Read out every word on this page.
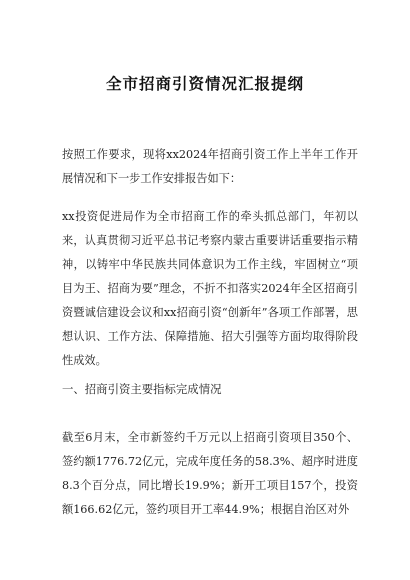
全市招商引资情况汇报提纲
按照工作要求，现将xx2024年招商引资工作上半年工作开展情况和下一步工作安排报告如下：
xx投资促进局作为全市招商工作的牵头抓总部门，年初以来，认真贯彻习近平总书记考察内蒙古重要讲话重要指示精神，以铸牢中华民族共同体意识为工作主线，牢固树立“项目为王、招商为要”理念，不折不扣落实2024年全区招商引资暨诚信建设会议和xx招商引资“创新年”各项工作部署，思想认识、工作方法、保障措施、招大引强等方面均取得阶段性成效。
一、招商引资主要指标完成情况
截至6月末，全市新签约千万元以上招商引资项目350个、签约额1776.72亿元，完成年度任务的58.3%、超序时进度8.3个百分点，同比增长19.9%；新开工项目157个，投资额166.62亿元，签约项目开工率44.9%；根据自治区对外
